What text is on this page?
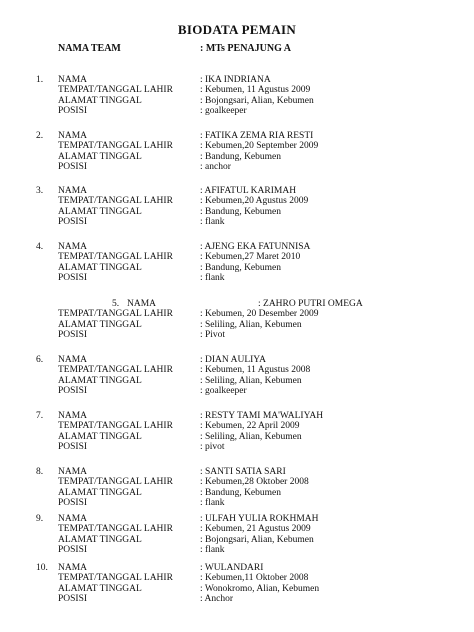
BIODATA PEMAIN
NAMA TEAM	: MTs PENAJUNG A
1.	NAMA	: IKA INDRIANA
TEMPAT/TANGGAL LAHIR	: Kebumen, 11 Agustus 2009
ALAMAT TINGGAL	: Bojongsari, Alian, Kebumen
POSISI	: goalkeeper
2.	NAMA	: FATIKA ZEMA RIA RESTI
TEMPAT/TANGGAL LAHIR	: Kebumen,20 September 2009
ALAMAT TINGGAL	: Bandung, Kebumen
POSISI	: anchor
3.	NAMA	: AFIFATUL KARIMAH
TEMPAT/TANGGAL LAHIR	: Kebumen,20 Agustus 2009
ALAMAT TINGGAL	: Bandung, Kebumen
POSISI	: flank
4.	NAMA	: AJENG EKA FATUNNISA
TEMPAT/TANGGAL LAHIR	: Kebumen,27 Maret 2010
ALAMAT TINGGAL	: Bandung, Kebumen
POSISI	: flank
5. NAMA	: ZAHRO PUTRI OMEGA
TEMPAT/TANGGAL LAHIR	: Kebumen, 20 Desember 2009
ALAMAT TINGGAL	: Seliling, Alian, Kebumen
POSISI	: Pivot
6.	NAMA	: DIAN AULIYA
TEMPAT/TANGGAL LAHIR	: Kebumen, 11 Agustus 2008
ALAMAT TINGGAL	: Seliling, Alian, Kebumen
POSISI	: goalkeeper
7.	NAMA	: RESTY TAMI MA'WALIYAH
TEMPAT/TANGGAL LAHIR	: Kebumen, 22 April 2009
ALAMAT TINGGAL	: Seliling, Alian, Kebumen
POSISI	: pivot
8.	NAMA	: SANTI SATIA SARI
TEMPAT/TANGGAL LAHIR	: Kebumen,28 Oktober 2008
ALAMAT TINGGAL	: Bandung, Kebumen
POSISI	: flank
9.	NAMA	: ULFAH YULIA ROKHMAH
TEMPAT/TANGGAL LAHIR	: Kebumen, 21 Agustus 2009
ALAMAT TINGGAL	: Bojongsari, Alian, Kebumen
POSISI	: flank
10.	NAMA	: WULANDARI
TEMPAT/TANGGAL LAHIR	: Kebumen,11 Oktober 2008
ALAMAT TINGGAL	: Wonokromo, Alian, Kebumen
POSISI	: Anchor
